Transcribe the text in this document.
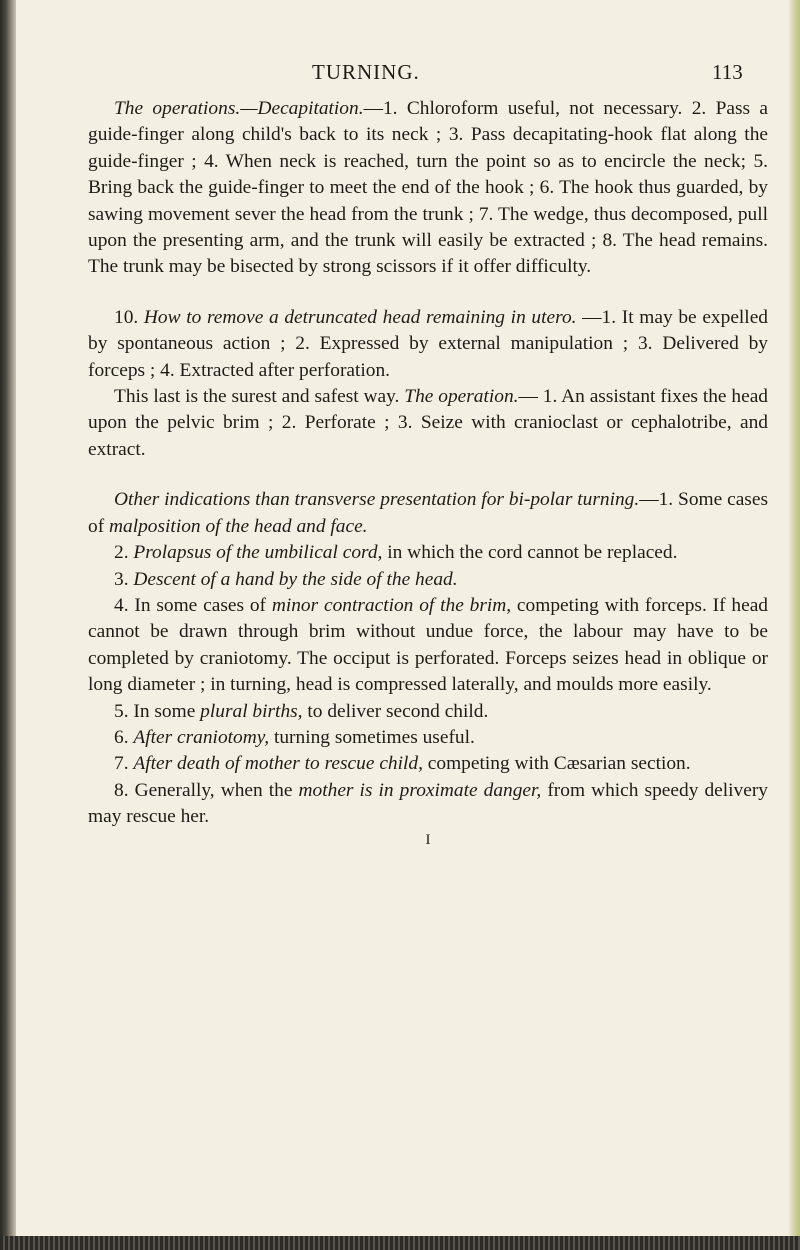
TURNING.	113

The operations.—Decapitation.—1. Chloroform useful, not necessary. 2. Pass a guide-finger along child's back to its neck ; 3. Pass decapitating-hook flat along the guide-finger ; 4. When neck is reached, turn the point so as to encircle the neck; 5. Bring back the guide-finger to meet the end of the hook ; 6. The hook thus guarded, by sawing movement sever the head from the trunk ; 7. The wedge, thus decomposed, pull upon the presenting arm, and the trunk will easily be extracted ; 8. The head remains. The trunk may be bisected by strong scissors if it offer difficulty.

10. How to remove a detruncated head remaining in utero. —1. It may be expelled by spontaneous action ; 2. Expressed by external manipulation ; 3. Delivered by forceps ; 4. Extracted after perforation.

This last is the surest and safest way. The operation.— 1. An assistant fixes the head upon the pelvic brim ; 2. Perforate ; 3. Seize with cranioclast or cephalotribe, and extract.

Other indications than transverse presentation for bi-polar turning.—1. Some cases of malposition of the head and face.

2. Prolapsus of the umbilical cord, in which the cord cannot be replaced.

3. Descent of a hand by the side of the head.

4. In some cases of minor contraction of the brim, competing with forceps. If head cannot be drawn through brim without undue force, the labour may have to be completed by craniotomy. The occiput is perforated. Forceps seizes head in oblique or long diameter ; in turning, head is compressed laterally, and moulds more easily.

5. In some plural births, to deliver second child.

6. After craniotomy, turning sometimes useful.

7. After death of mother to rescue child, competing with Cæsarian section.

8. Generally, when the mother is in proximate danger, from which speedy delivery may rescue her.

I
